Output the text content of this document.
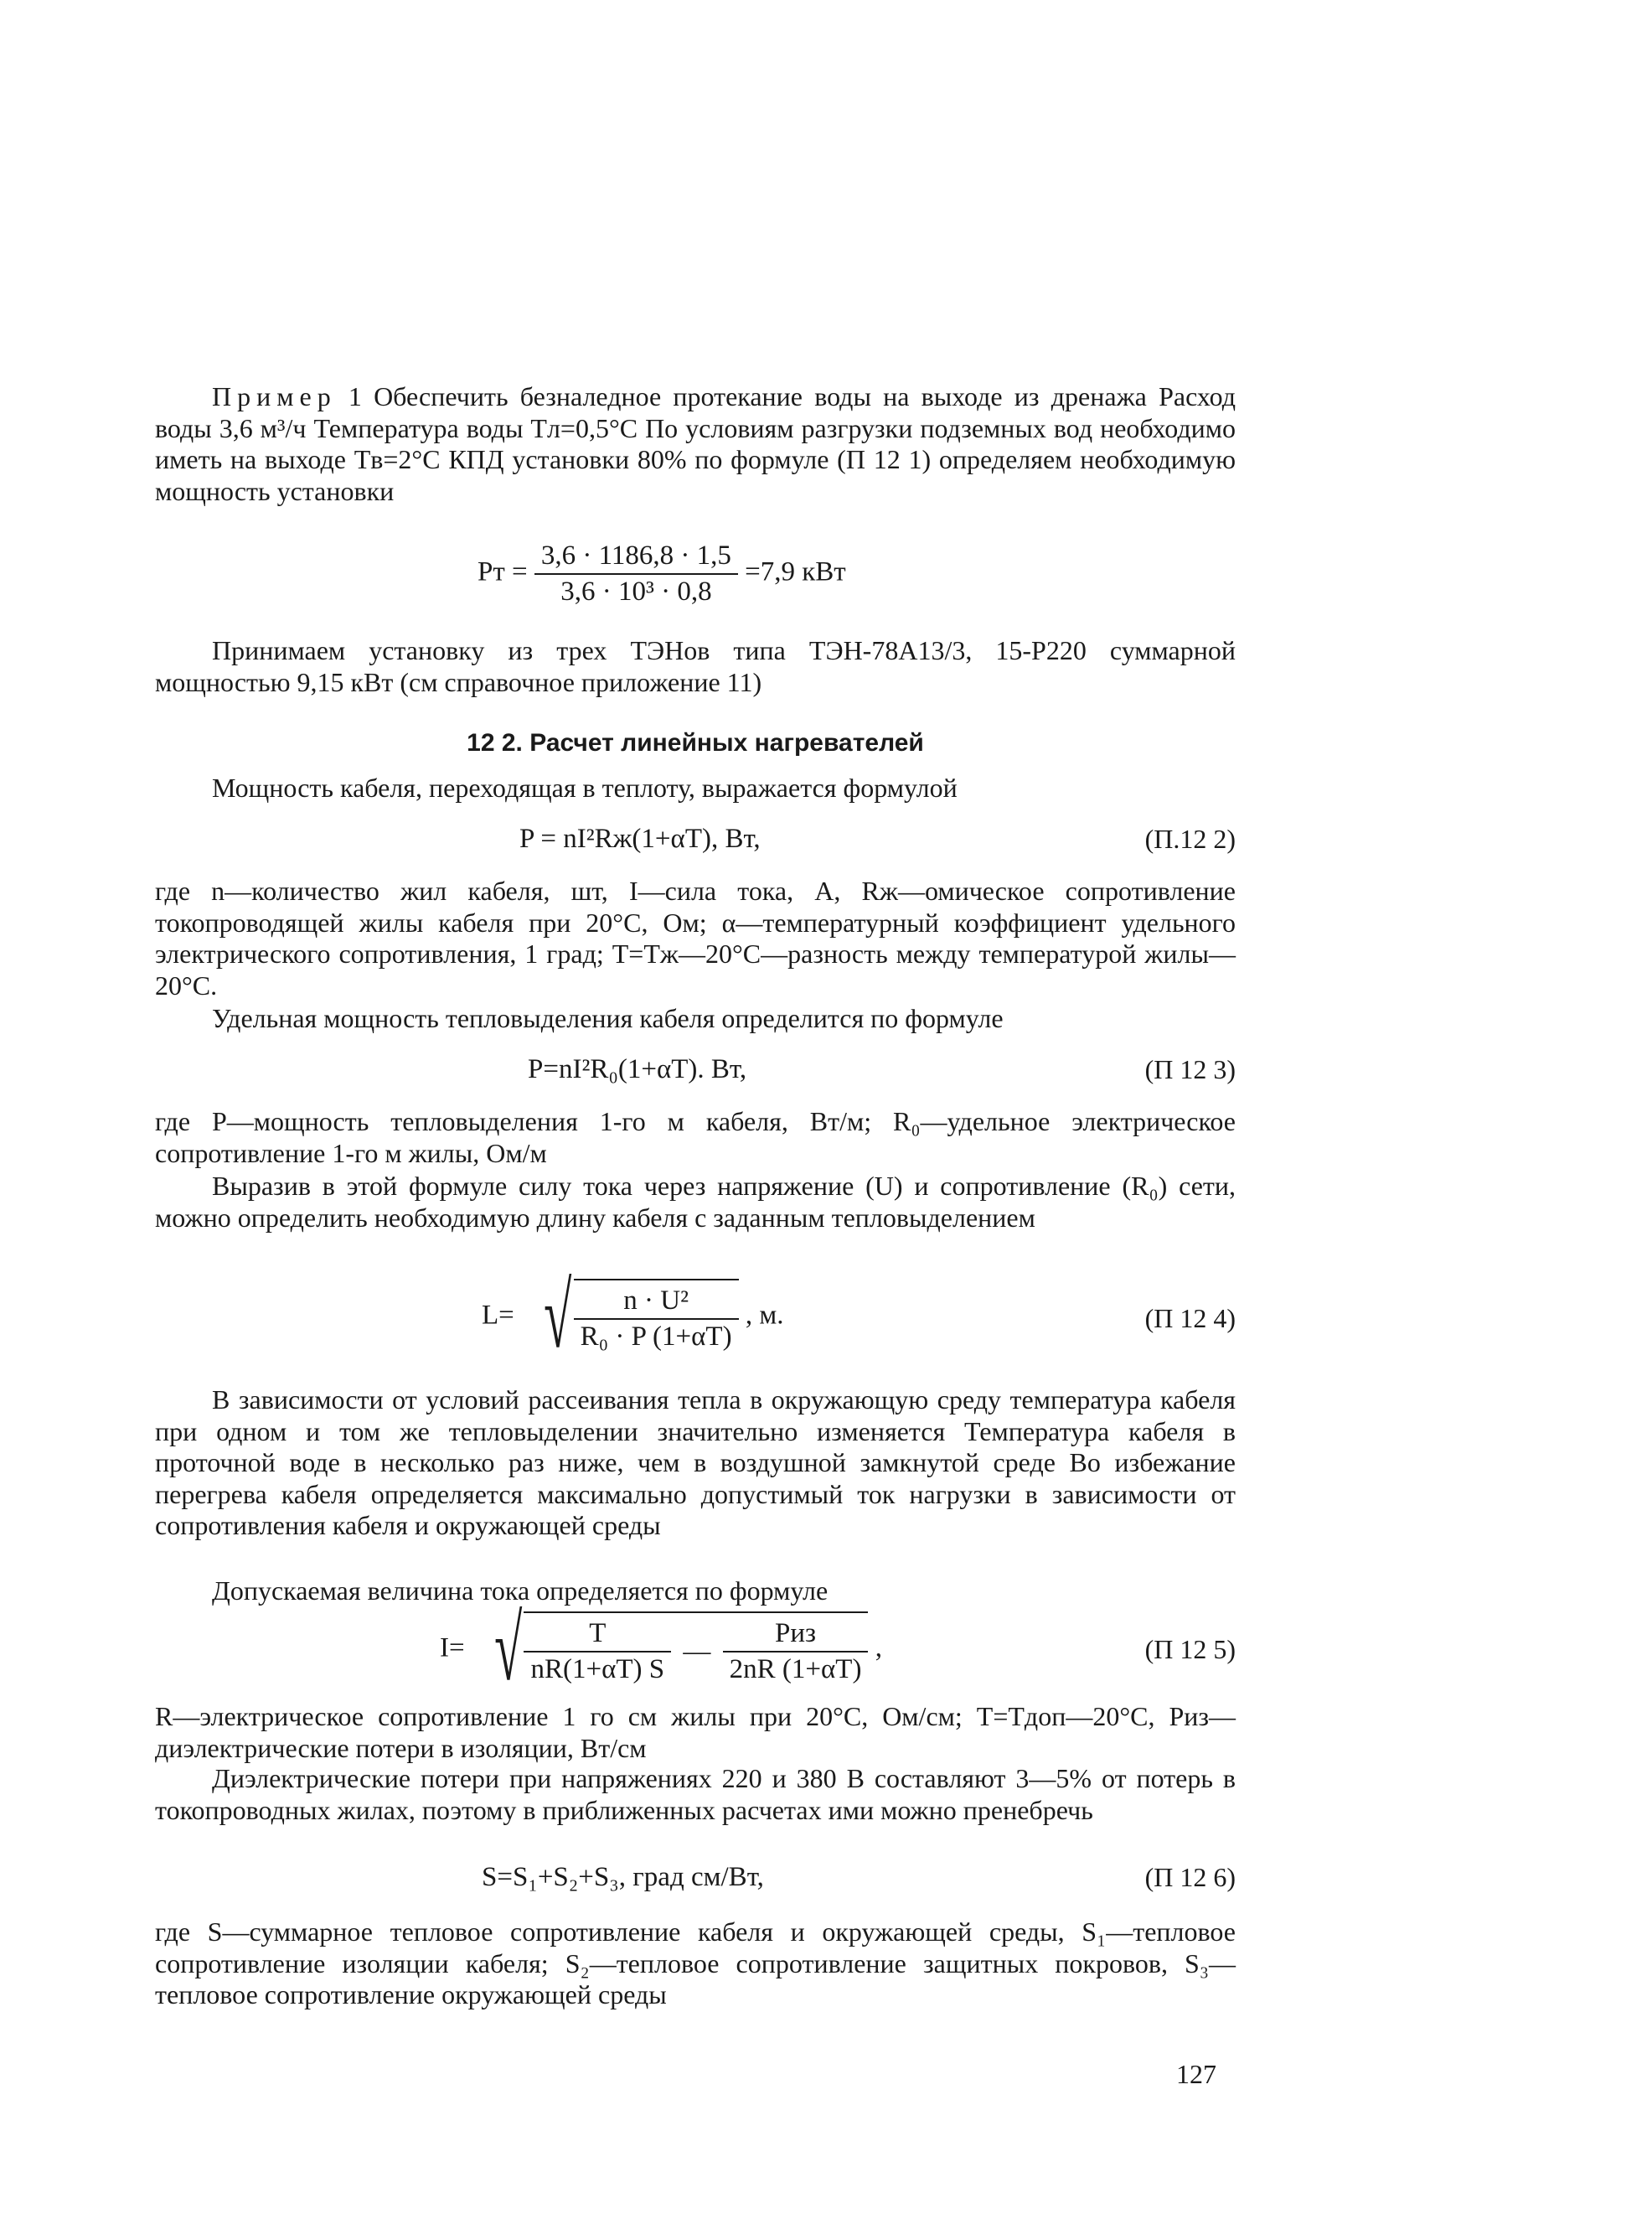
Пример 1 Обеспечить безналедное протекание воды на выходе из дренажа Расход воды 3,6 м³/ч Температура воды Tл=0,5°C По условиям разгрузки подземных вод необходимо иметь на выходе Tв=2°C КПД установки 80% по формуле (П 12 1) определяем необходимую мощность установки

Pт = $\frac{3,6 \cdot 1186,8 \cdot 1,5}{\text{3,6 · 10³ · 0,8}} =7,9$ кВт

Принимаем установку из трех ТЭНов типа ТЭН-78А13/3, 15-Р220 суммарной мощностью 9,15 кВт (см справочное приложение 11)

12 2. Расчет линейных нагревателей

Мощность кабеля, переходящая в теплоту, выражается формулой

P = nI²Rж(1+αT), Вт,	(П.12 2)

где n—количество жил кабеля, шт, I—сила тока, А, Rж—омическое сопротивление токопроводящей жилы кабеля при 20°C, Ом; α—температурный коэффициент удельного электрического сопротивления, 1 град; T=Tж—20°C—разность между температурой жилы—20°C.

Удельная мощность тепловыделения кабеля определится по формуле

P=nI²R₀(1+αT). Вт,	(П 12 3)

где P—мощность тепловыделения 1-го м кабеля, Вт/м; R₀—удельное электрическое сопротивление 1-го м жилы, Ом/м

Выразив в этой формуле силу тока через напряжение (U) и сопротивление (R₀) сети, можно определить необходимую длину кабеля с заданным тепловыделением

L= √ $\frac{\text{n · U²}}{\text{R₀ · P (1+αT)}}$ , м.	(П 12 4)

В зависимости от условий рассеивания тепла в окружающую среду температура кабеля при одном и том же тепловыделении значительно изменяется Температура кабеля в проточной воде в несколько раз ниже, чем в воздушной замкнутой среде Во избежание перегрева кабеля определяется максимально допустимый ток нагрузки в зависимости от сопротивления кабеля и окружающей среды

Допускаемая величина тока определяется по формуле

I= √ $\frac{T}{nR(1+\alpha T) S}$ — $\frac{\text{Pиз}}{2nR (1+\alpha T)}$ ,	(П 12 5)

R—электрическое сопротивление 1 го см жилы при 20°C, Ом/см; T=Tдоп—20°C, Pиз—диэлектрические потери в изоляции, Вт/см

Диэлектрические потери при напряжениях 220 и 380 В составляют 3—5% от потерь в токопроводных жилах, поэтому в приближенных расчетах ими можно пренебречь

S=S₁+S₂+S₃, град см/Вт,	(П 12 6)

где S—суммарное тепловое сопротивление кабеля и окружающей среды, S₁—тепловое сопротивление изоляции кабеля; S₂—тепловое сопротивление защитных покровов, S₃—тепловое сопротивление окружающей среды

127
